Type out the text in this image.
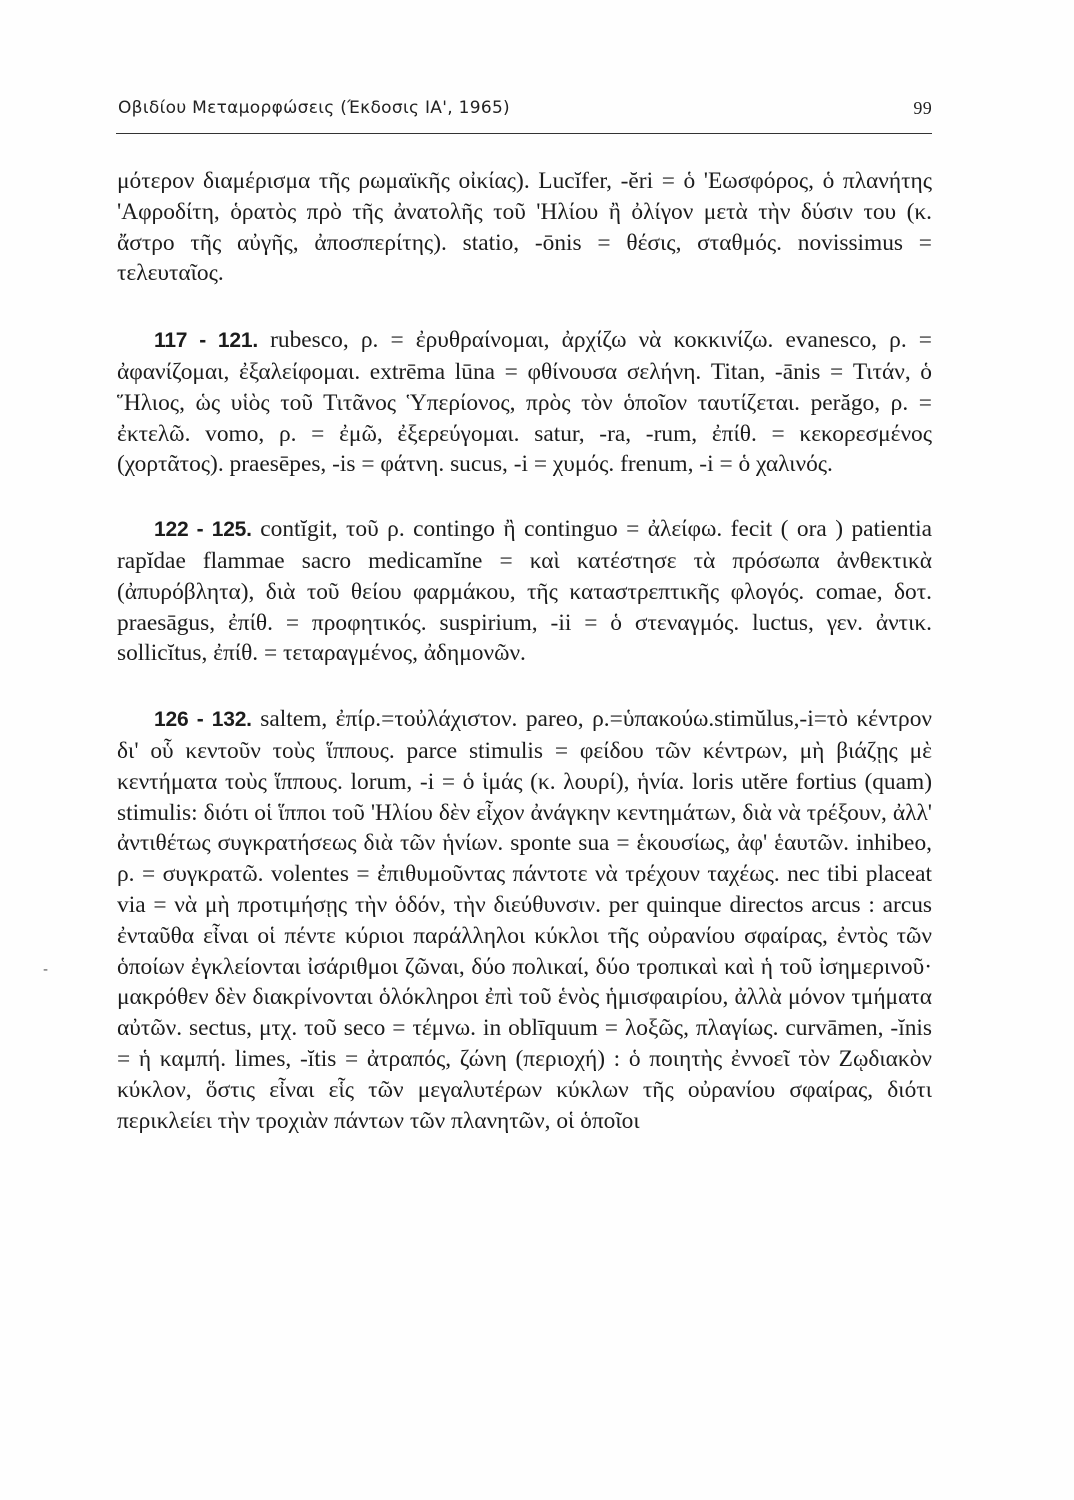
Οβιδίου Μεταμορφώσεις (Έκδοσις ΙΑ', 1965)	99
-

μότερον διαμέρισμα τῆς ρωμαϊκῆς οἰκίας). Lucĭfer, -ĕri = ὁ 'Εωσφόρος, ὁ πλανήτης 'Αφροδίτη, ὁρατὸς πρὸ τῆς ἀνατολῆς τοῦ 'Ηλίου ἢ ὀλίγον μετὰ τὴν δύσιν του (κ. ἄστρο τῆς αὐγῆς, ἀποσπερίτης). statio, -ōnis = θέσις, σταθμός. novissimus = τελευταῖος.

117 - 121. rubesco, ρ. = ἐρυθραίνομαι, ἀρχίζω νὰ κοκκινίζω. evanesco, ρ. = ἀφανίζομαι, ἐξαλείφομαι. extrēma lūna = φθίνουσα σελήνη. Titan, -ānis = Τιτάν, ὁ Ἥλιος, ὡς υἱὸς τοῦ Τιτᾶνος Ὑπερίονος, πρὸς τὸν ὁποῖον ταυτίζεται. perăgo, ρ. = ἐκτελῶ. vomo, ρ. = ἐμῶ, ἐξερεύγομαι. satur, -ra, -rum, ἐπίθ. = κεκορεσμένος (χορτᾶτος). praesēpes, -is = φάτνη. sucus, -i = χυμός. frenum, -i = ὁ χαλινός.

122 - 125. contĭgit, τοῦ ρ. contingo ἢ continguo = ἀλείφω. fecit ( ora ) patientia rapĭdae flammae sacro medicamĭne = καὶ κατέστησε τὰ πρόσωπα ἀνθεκτικὰ (ἀπυρόβλητα), διὰ τοῦ θείου φαρμάκου, τῆς καταστρεπτικῆς φλογός. comae, δοτ. praesāgus, ἐπίθ. = προφητικός. suspirium, -ii = ὁ στεναγμός. luctus, γεν. ἀντικ. sollicĭtus, ἐπίθ. = τεταραγμένος, ἀδημονῶν.

126 - 132. saltem, ἐπίρ.=τοὐλάχιστον. pareo, ρ.=ὑπακούω.stimŭlus,-i=τὸ κέντρον δι' οὗ κεντοῦν τοὺς ἵππους. parce stimulis = φείδου τῶν κέντρων, μὴ βιάζῃς μὲ κεντήματα τοὺς ἵππους. lorum, -i = ὁ ἱμάς (κ. λουρί), ἡνία. loris utĕre fortius (quam) stimulis: διότι οἱ ἵπποι τοῦ 'Ηλίου δὲν εἶχον ἀνάγκην κεντημάτων, διὰ νὰ τρέξουν, ἀλλ' ἀντιθέτως συγκρατήσεως διὰ τῶν ἡνίων. sponte sua = ἑκουσίως, ἀφ' ἑαυτῶν. inhibeo, ρ. = συγκρατῶ. volentes = ἐπιθυμοῦντας πάντοτε νὰ τρέχουν ταχέως. nec tibi placeat via = νὰ μὴ προτιμήσῃς τὴν ὁδόν, τὴν διεύθυνσιν. per quinque directos arcus : arcus ἐνταῦθα εἶναι οἱ πέντε κύριοι παράλληλοι κύκλοι τῆς οὐρανίου σφαίρας, ἐντὸς τῶν ὁποίων ἐγκλείονται ἰσάριθμοι ζῶναι, δύο πολικαί, δύο τροπικαὶ καὶ ἡ τοῦ ἰσημερινοῦ· μακρόθεν δὲν διακρίνονται ὁλόκληροι ἐπὶ τοῦ ἑνὸς ἡμισφαιρίου, ἀλλὰ μόνον τμήματα αὐτῶν. sectus, μτχ. τοῦ seco = τέμνω. in oblīquum = λοξῶς, πλαγίως. curvāmen, -ĭnis = ἡ καμπή. limes, -ĭtis = ἀτραπός, ζώνη (περιοχή) : ὁ ποιητὴς ἐννοεῖ τὸν Ζῳδιακὸν κύκλον, ὅστις εἶναι εἷς τῶν μεγαλυτέρων κύκλων τῆς οὐρανίου σφαίρας, διότι περικλείει τὴν τροχιὰν πάντων τῶν πλανητῶν, οἱ ὁποῖοι
